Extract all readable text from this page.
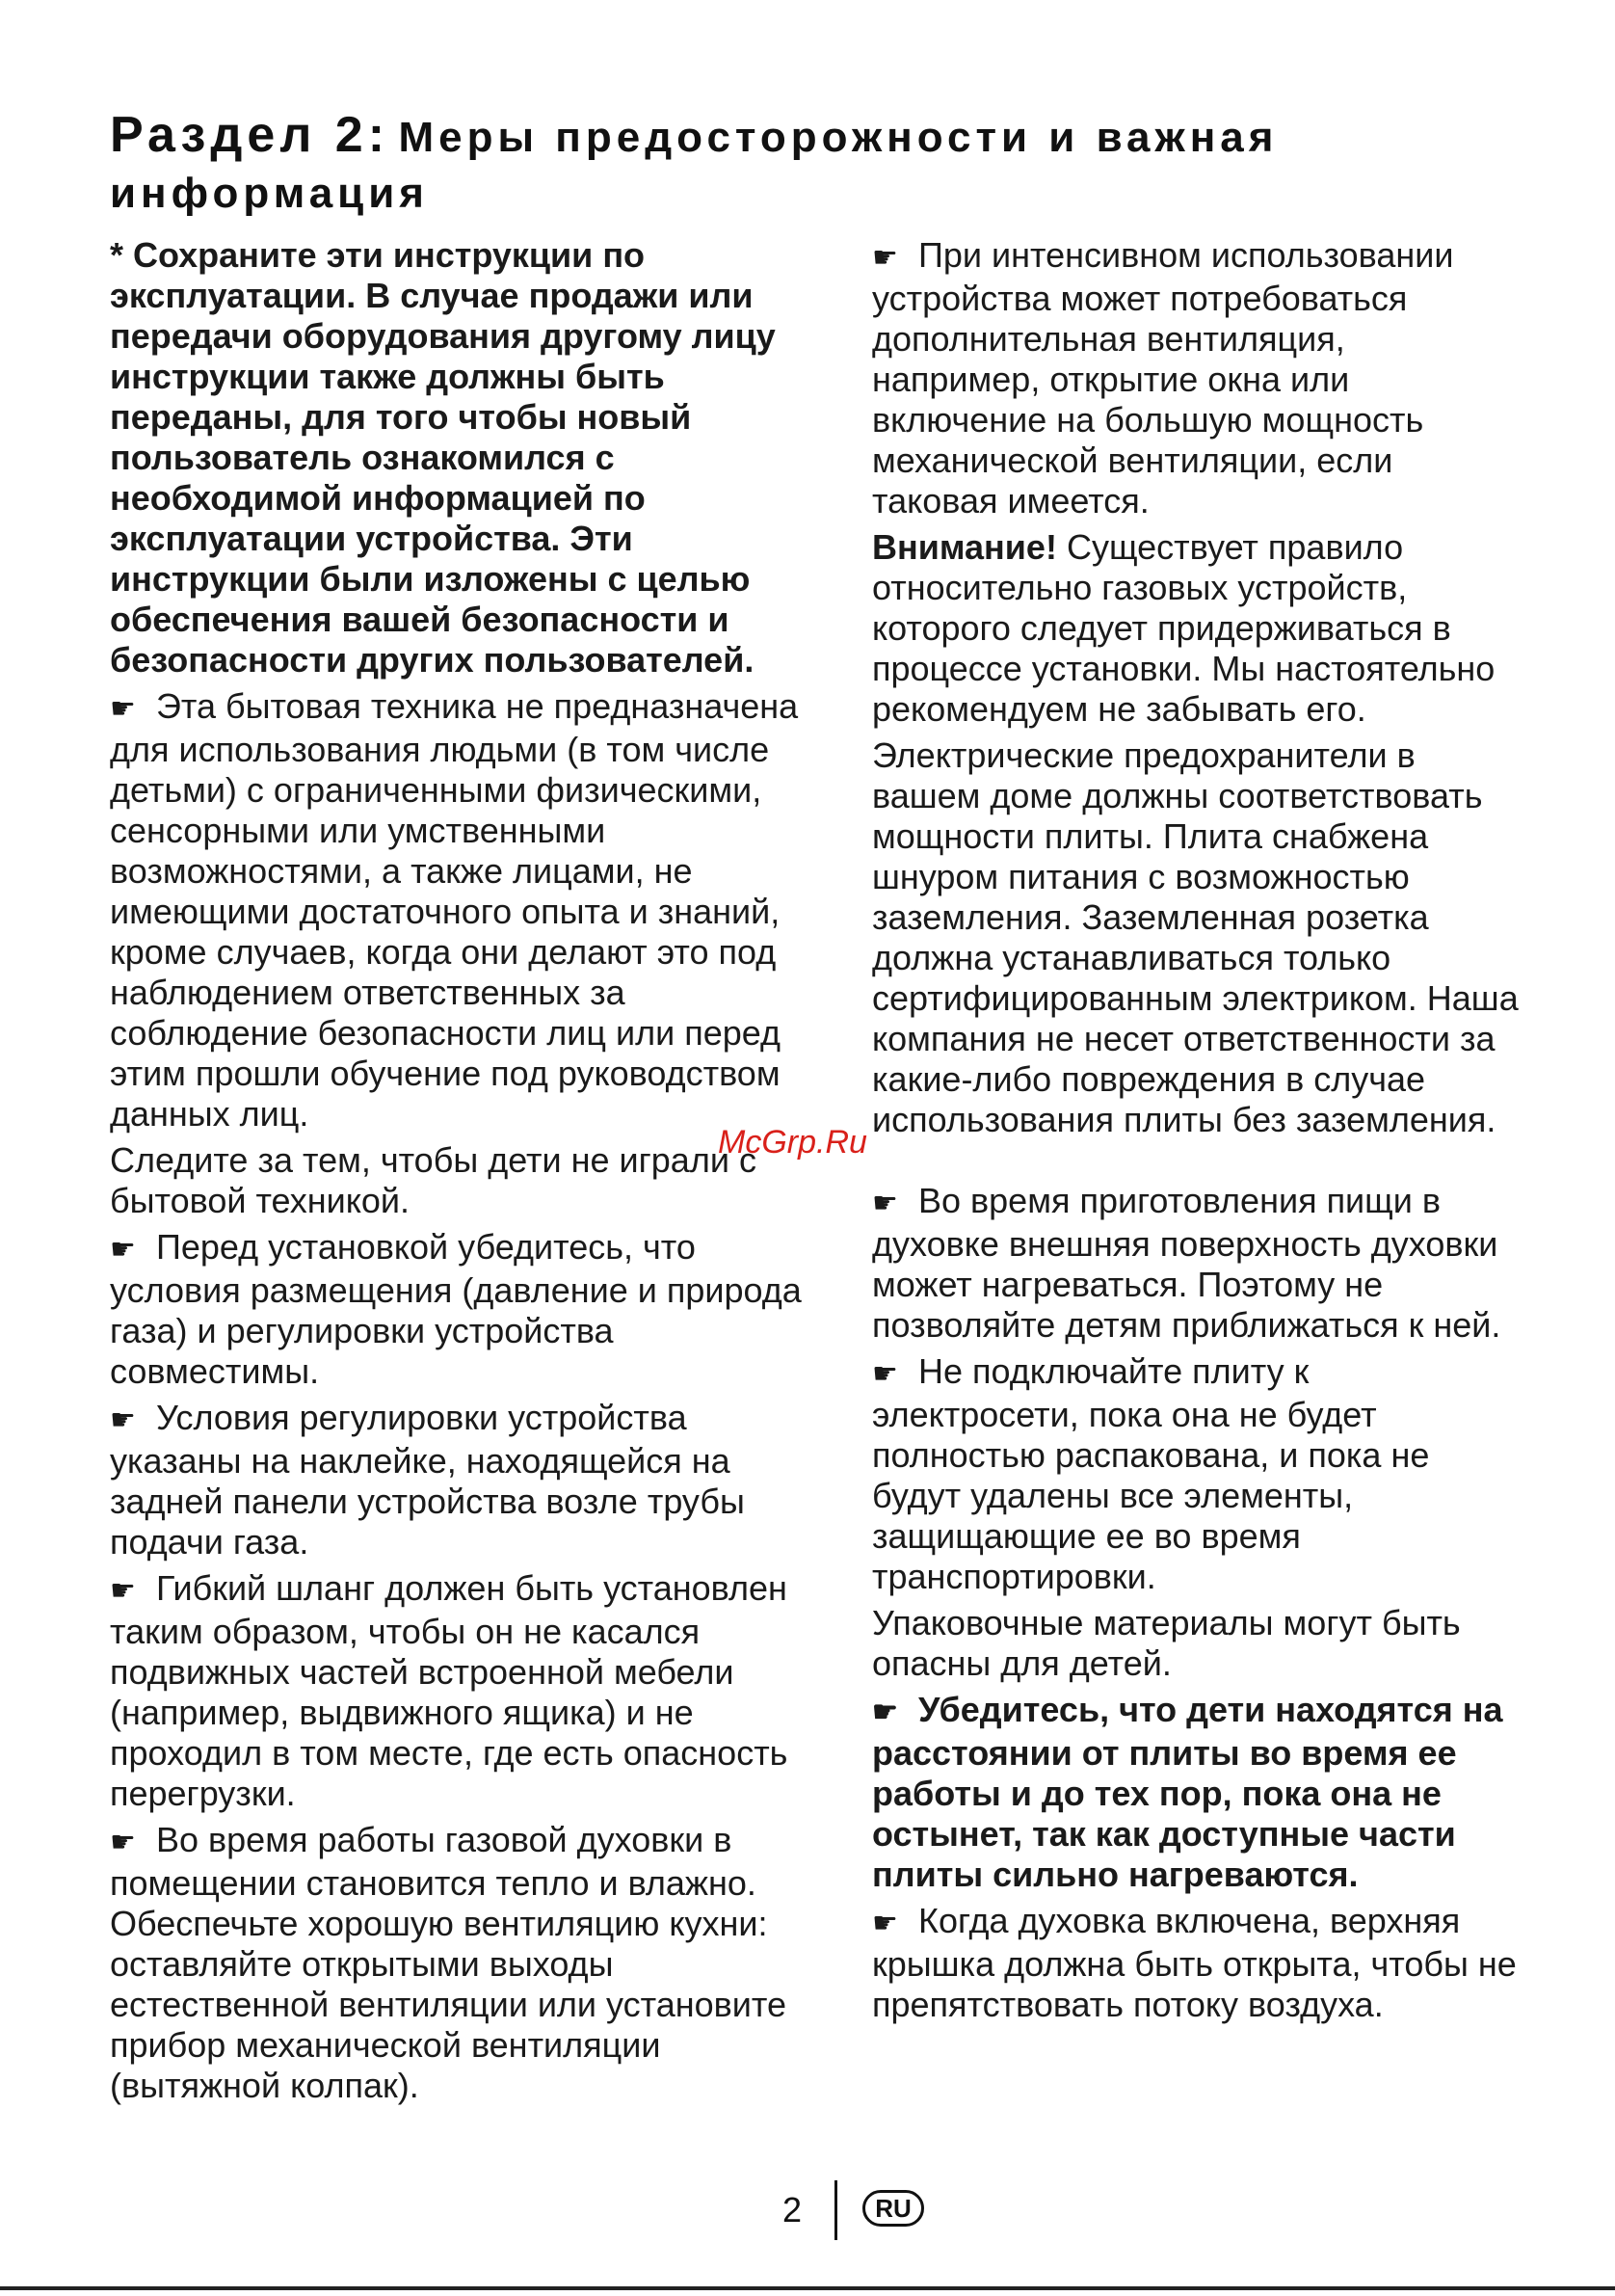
Раздел 2: Меры предосторожности и важная информация

* Сохраните эти инструкции по эксплуатации. В случае продажи или передачи оборудования другому лицу инструкции также должны быть переданы, для того чтобы новый пользователь ознакомился с необходимой информацией по эксплуатации устройства. Эти инструкции были изложены с целью обеспечения вашей безопасности и безопасности других пользователей.

☛ Эта бытовая техника не предназначена для использования людьми (в том числе детьми) с ограниченными физическими, сенсорными или умственными возможностями, а также лицами, не имеющими достаточного опыта и знаний, кроме случаев, когда они делают это под наблюдением ответственных за соблюдение безопасности лиц или перед этим прошли обучение под руководством данных лиц.

Следите за тем, чтобы дети не играли с бытовой техникой.

☛ Перед установкой убедитесь, что условия размещения (давление и природа газа) и регулировки устройства совместимы.

☛ Условия регулировки устройства указаны на наклейке, находящейся на задней панели устройства возле трубы подачи газа.

☛ Гибкий шланг должен быть установлен таким образом, чтобы он не касался подвижных частей встроенной мебели (например, выдвижного ящика) и не проходил в том месте, где есть опасность перегрузки.

☛ Во время работы газовой духовки в помещении становится тепло и влажно. Обеспечьте хорошую вентиляцию кухни: оставляйте открытыми выходы естественной вентиляции или установите прибор механической вентиляции (вытяжной колпак).

☛ При интенсивном использовании устройства может потребоваться дополнительная вентиляция, например, открытие окна или включение на большую мощность механической вентиляции, если таковая имеется.

Внимание! Существует правило относительно газовых устройств, которого следует придерживаться в процессе установки. Мы настоятельно рекомендуем не забывать его.

Электрические предохранители в вашем доме должны соответствовать мощности плиты. Плита снабжена шнуром питания с возможностью заземления. Заземленная розетка должна устанавливаться только сертифицированным электриком. Наша компания не несет ответственности за какие-либо повреждения в случае использования плиты без заземления.

☛ Во время приготовления пищи в духовке внешняя поверхность духовки может нагреваться. Поэтому не позволяйте детям приближаться к ней.

☛ Не подключайте плиту к электросети, пока она не будет полностью распакована, и пока не будут удалены все элементы, защищающие ее во время транспортировки.

Упаковочные материалы могут быть опасны для детей.

☛ Убедитесь, что дети находятся на расстоянии от плиты во время ее работы и до тех пор, пока она не остынет, так как доступные части плиты сильно нагреваются.

☛ Когда духовка включена, верхняя крышка должна быть открыта, чтобы не препятствовать потоку воздуха.

McGrp.Ru
2	RU
